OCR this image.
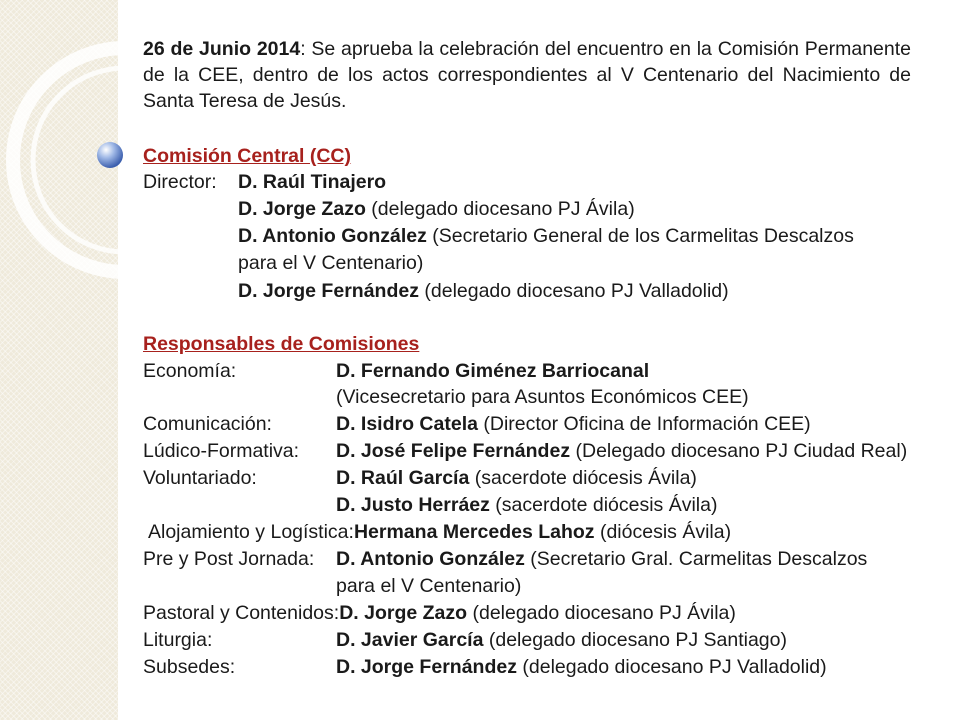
26 de Junio 2014: Se aprueba la celebración del encuentro en la Comisión Permanente de la CEE, dentro de los actos correspondientes al V Centenario del Nacimiento de Santa Teresa de Jesús.

Comisión Central (CC)
Director: D. Raúl Tinajero
D. Jorge Zazo (delegado diocesano PJ Ávila)
D. Antonio González (Secretario General de los Carmelitas Descalzos
para el V Centenario)
D. Jorge Fernández (delegado diocesano PJ Valladolid)
Responsables de Comisiones
Economía:	D. Fernando Giménez Barriocanal
(Vicesecretario para Asuntos Económicos CEE)
Comunicación:	D. Isidro Catela (Director Oficina de Información CEE)
Lúdico-Formativa: D. José Felipe Fernández (Delegado diocesano PJ Ciudad Real)
Voluntariado:	D. Raúl García (sacerdote diócesis Ávila)
D. Justo Herráez (sacerdote diócesis Ávila)
Alojamiento y Logística:Hermana Mercedes Lahoz (diócesis Ávila)
Pre y Post Jornada: D. Antonio González (Secretario Gral. Carmelitas Descalzos
para el V Centenario)
Pastoral y Contenidos:D. Jorge Zazo (delegado diocesano PJ Ávila)
Liturgia:	D. Javier García (delegado diocesano PJ Santiago)
Subsedes:	D. Jorge Fernández (delegado diocesano PJ Valladolid)
